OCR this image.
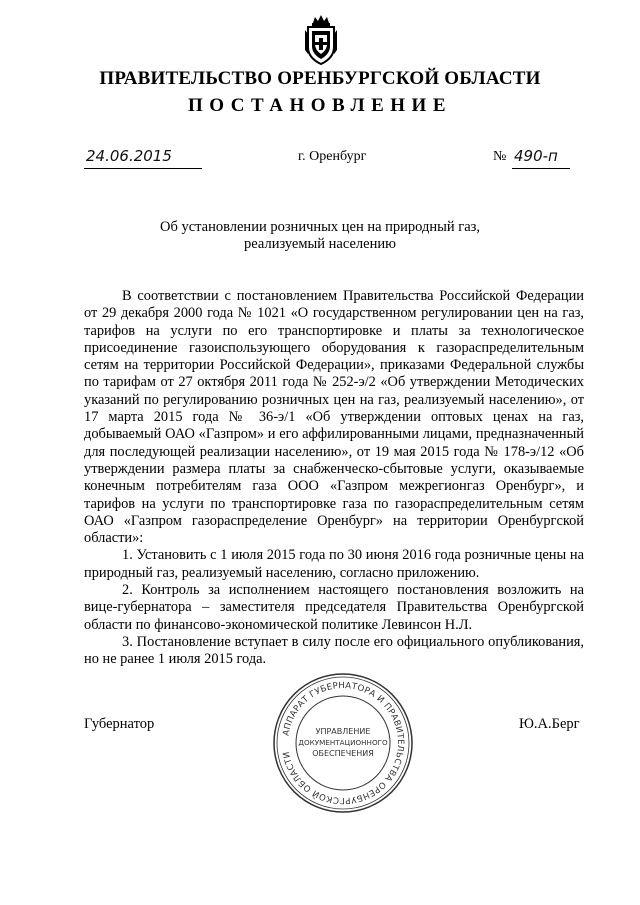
ПРАВИТЕЛЬСТВО ОРЕНБУРГСКОЙ ОБЛАСТИ
ПОСТАНОВЛЕНИЕ
24.06.2015	г. Оренбург	№ 490-п
Об установлении розничных цен на природный газ,
реализуемый населению

В соответствии с постановлением Правительства Российской Федерации от 29 декабря 2000 года № 1021 «О государственном регулировании цен на газ, тарифов на услуги по его транспортировке и платы за технологическое присоединение газоиспользующего оборудования к газораспределительным сетям на территории Российской Федерации», приказами Федеральной службы по тарифам от 27 октября 2011 года № 252-э/2 «Об утверждении Методических указаний по регулированию розничных цен на газ, реализуемый населению», от 17 марта 2015 года № 36-э/1 «Об утверждении оптовых ценах на газ, добываемый ОАО «Газпром» и его аффилированными лицами, предназначенный для последующей реализации населению», от 19 мая 2015 года № 178-э/12 «Об утверждении размера платы за снабженческо-сбытовые услуги, оказываемые конечным потребителям газа ООО «Газпром межрегионгаз Оренбург», и тарифов на услуги по транспортировке газа по газораспределительным сетям ОАО «Газпром газораспределение Оренбург» на территории Оренбургской области»:

1. Установить с 1 июля 2015 года по 30 июня 2016 года розничные цены на природный газ, реализуемый населению, согласно приложению.

2. Контроль за исполнением настоящего постановления возложить на вице-губернатора – заместителя председателя Правительства Оренбургской области по финансово-экономической политике Левинсон Н.Л.

3. Постановление вступает в силу после его официального опубликования, но не ранее 1 июля 2015 года.

Губернатор	Ю.А.Берг
АППАРАТ ГУБЕРНАТОРА И ПРАВИТЕЛЬСТВА ОРЕНБУРГСКОЙ ОБЛАСТИ
УПРАВЛЕНИЕ
ДОКУМЕНТАЦИОННОГО
ОБЕСПЕЧЕНИЯ
